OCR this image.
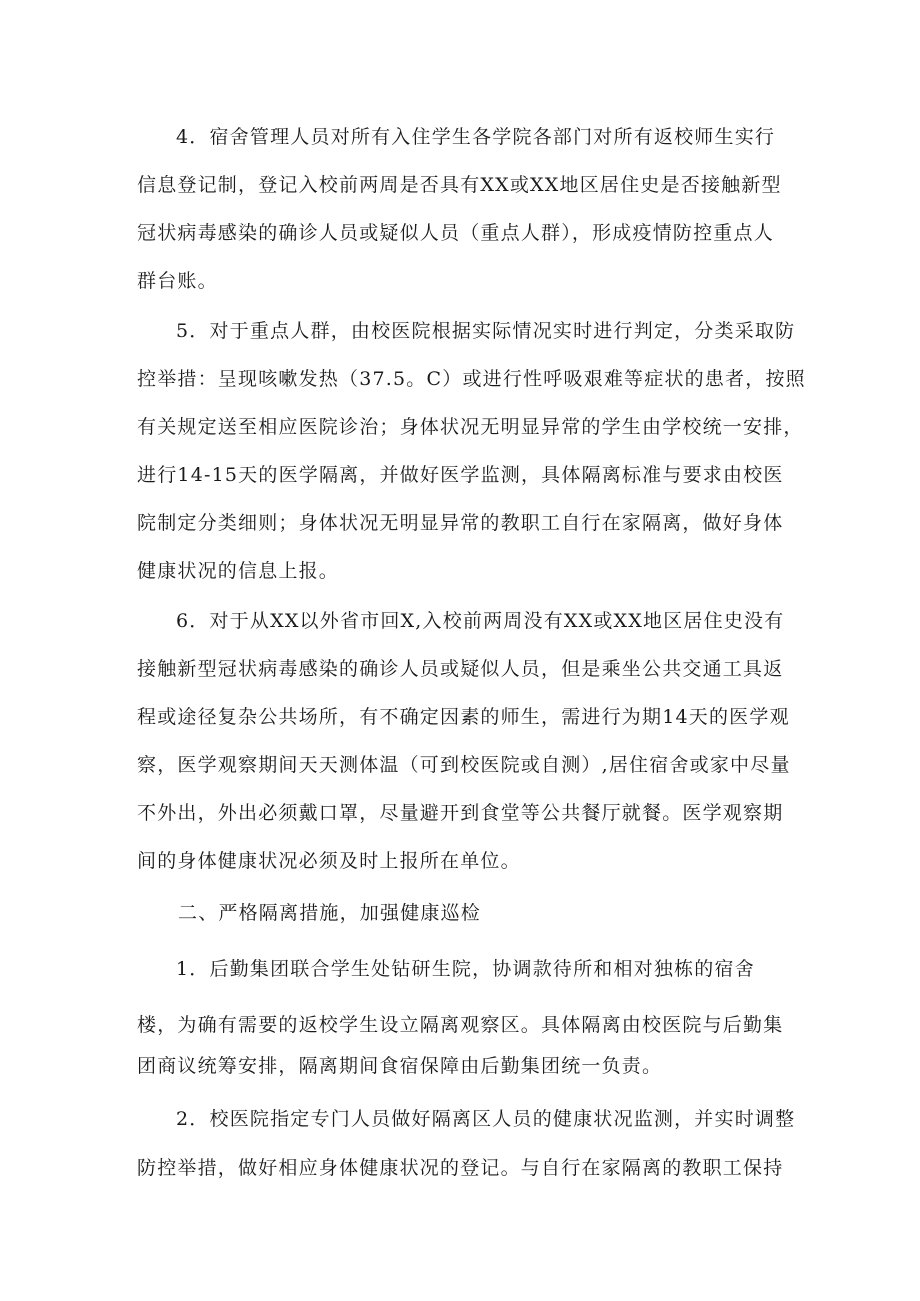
4．宿舍管理人员对所有入住学生各学院各部门对所有返校师生实行
信息登记制，登记入校前两周是否具有XX或XX地区居住史是否接触新型
冠状病毒感染的确诊人员或疑似人员（重点人群），形成疫情防控重点人
群台账。
5．对于重点人群，由校医院根据实际情况实时进行判定，分类采取防
控举措：呈现咳嗽发热（37.5。C）或进行性呼吸艰难等症状的患者，按照
有关规定送至相应医院诊治；身体状况无明显异常的学生由学校统一安排，
进行14-15天的医学隔离，并做好医学监测，具体隔离标准与要求由校医
院制定分类细则；身体状况无明显异常的教职工自行在家隔离，做好身体
健康状况的信息上报。
6．对于从XX以外省市回X,入校前两周没有XX或XX地区居住史没有
接触新型冠状病毒感染的确诊人员或疑似人员，但是乘坐公共交通工具返
程或途径复杂公共场所，有不确定因素的师生，需进行为期14天的医学观
察，医学观察期间天天测体温（可到校医院或自测）,居住宿舍或家中尽量
不外出，外出必须戴口罩，尽量避开到食堂等公共餐厅就餐。医学观察期
间的身体健康状况必须及时上报所在单位。
二、严格隔离措施，加强健康巡检
1．后勤集团联合学生处钻研生院，协调款待所和相对独栋的宿舍
楼，为确有需要的返校学生设立隔离观察区。具体隔离由校医院与后勤集
团商议统筹安排，隔离期间食宿保障由后勤集团统一负责。
2．校医院指定专门人员做好隔离区人员的健康状况监测，并实时调整
防控举措，做好相应身体健康状况的登记。与自行在家隔离的教职工保持
